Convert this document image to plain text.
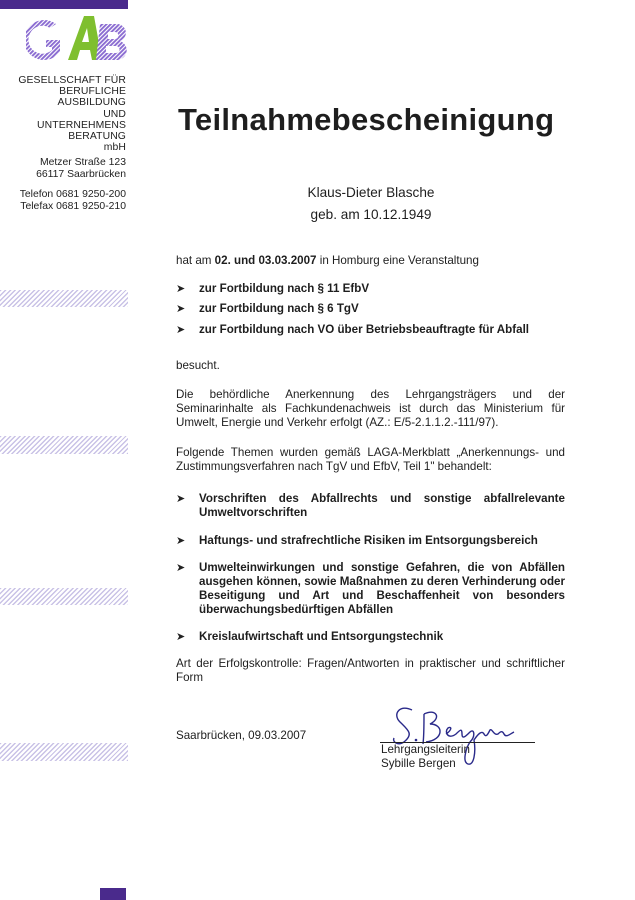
GESELLSCHAFT FÜR
BERUFLICHE
AUSBILDUNG
UND
UNTERNEHMENS
BERATUNG
mbH
Metzer Straße 123
66117 Saarbrücken
Telefon 0681 9250-200
Telefax 0681 9250-210
Teilnahmebescheinigung
Klaus-Dieter Blasche
geb. am 10.12.1949
hat am 02. und 03.03.2007 in Homburg eine Veranstaltung
➤ zur Fortbildung nach § 11 EfbV
➤ zur Fortbildung nach § 6 TgV
➤ zur Fortbildung nach VO über Betriebsbeauftragte für Abfall
besucht.
Die behördliche Anerkennung des Lehrgangsträgers und der Seminarinhalte als Fachkundenachweis ist durch das Ministerium für Umwelt, Energie und Verkehr erfolgt (AZ.: E/5-2.1.1.2.-111/97).
Folgende Themen wurden gemäß LAGA-Merkblatt „Anerkennungs- und Zustimmungsverfahren nach TgV und EfbV, Teil 1" behandelt:
➤ Vorschriften des Abfallrechts und sonstige abfallrelevante Umweltvorschriften
➤ Haftungs- und strafrechtliche Risiken im Entsorgungsbereich
➤ Umwelteinwirkungen und sonstige Gefahren, die von Abfällen ausgehen können, sowie Maßnahmen zu deren Verhinderung oder Beseitigung und Art und Beschaffenheit von besonders überwachungsbedürftigen Abfällen
➤ Kreislaufwirtschaft und Entsorgungstechnik
Art der Erfolgskontrolle: Fragen/Antworten in praktischer und schriftlicher Form
Saarbrücken, 09.03.2007
Lehrgangsleiterin
Sybille Bergen
